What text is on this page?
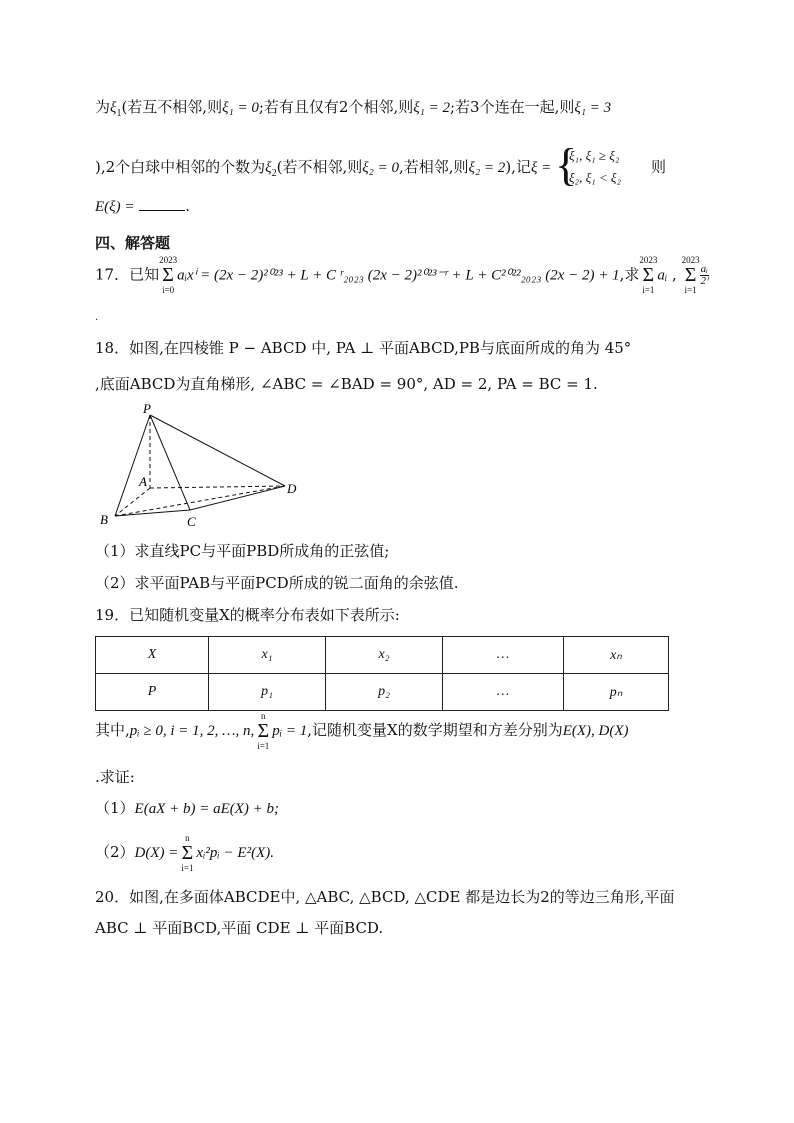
为$\xi_1$(若互不相邻,则ξ₁ = 0;若有且仅有2个相邻,则ξ₁ = 2;若3个连在一起,则ξ₁ = 3
),2个白球中相邻的个数为$\xi_2$(若不相邻,则ξ₂ = 0,若相邻,则ξ₂ = 2),记ξ = {
ξ₁, ξ₁ ≥ ξ₂
ξ₂, ξ₁ < ξ₂
则
E(ξ) =	.
四、解答题
17．已知
2023
Σ
i=0
aᵢxⁱ = (2x − 2)²⁰²³ + L + C ʳ₂₀₂₃ (2x − 2)²⁰²³⁻ʳ + L + C²⁰²²₂₀₂₃ (2x − 2) + 1,求
2023
Σ
i=1
aᵢ ,
2023
Σ
i=1
$\frac{\text{aᵢ}}{\text{2ⁱ}}$
.
18．如图,在四棱锥 P − ABCD 中, PA ⊥ 平面ABCD,PB与底面所成的角为 45°
,底面ABCD为直角梯形, ∠ABC = ∠BAD = 90°, AD = 2, PA = BC = 1.
P
A
B	C
D
（1）求直线PC与平面PBD所成角的正弦值;
（2）求平面PAB与平面PCD所成的锐二面角的余弦值.
19．已知随机变量X的概率分布表如下表所示:
X	x₁	x₂	…	xₙ
P	p₁	p₂	…	pₙ
其中,pᵢ ≥ 0, i = 1, 2, …, n,
n
Σ
i=1
pᵢ = 1,记随机变量X的数学期望和方差分别为E(X), D(X)
.求证:
（1）E(aX + b) = aE(X) + b;
（2）D(X) =
n
Σ
i=1
xᵢ²pᵢ − E²(X).
20．如图,在多面体ABCDE中, △ABC, △BCD, △CDE 都是边长为2的等边三角形,平面
ABC ⊥ 平面BCD,平面 CDE ⊥ 平面BCD.
